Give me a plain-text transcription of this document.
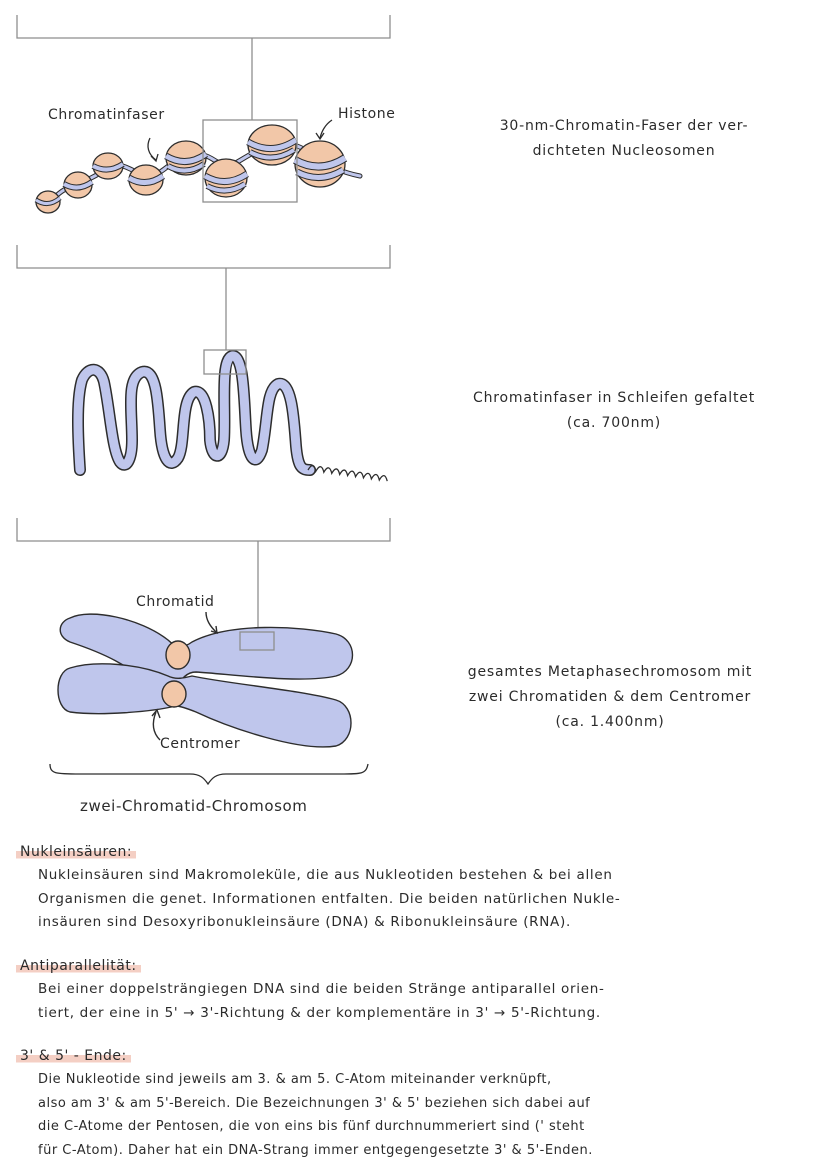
Chromatinfaser	Histone
30-nm-Chromatin-Faser der ver-
dichteten Nucleosomen
Chromatinfaser in Schleifen gefaltet
(ca. 700nm)
Chromatid
Centromer
zwei-Chromatid-Chromosom
gesamtes Metaphasechromosom mit
zwei Chromatiden & dem Centromer
(ca. 1.400nm)
Nukleinsäuren:
Nukleinsäuren sind Makromoleküle, die aus Nukleotiden bestehen & bei allen
Organismen die genet. Informationen entfalten. Die beiden natürlichen Nukle-
insäuren sind Desoxyribonukleinsäure (DNA) & Ribonukleinsäure (RNA).
Antiparallelität:
Bei einer doppelsträngiegen DNA sind die beiden Stränge antiparallel orien-
tiert, der eine in 5' → 3'-Richtung & der komplementäre in 3' → 5'-Richtung.
3' & 5' - Ende:
Die Nukleotide sind jeweils am 3. & am 5. C-Atom miteinander verknüpft,
also am 3' & am 5'-Bereich. Die Bezeichnungen 3' & 5' beziehen sich dabei auf
die C-Atome der Pentosen, die von eins bis fünf durchnummeriert sind (' steht
für C-Atom). Daher hat ein DNA-Strang immer entgegengesetzte 3' & 5'-Enden.
